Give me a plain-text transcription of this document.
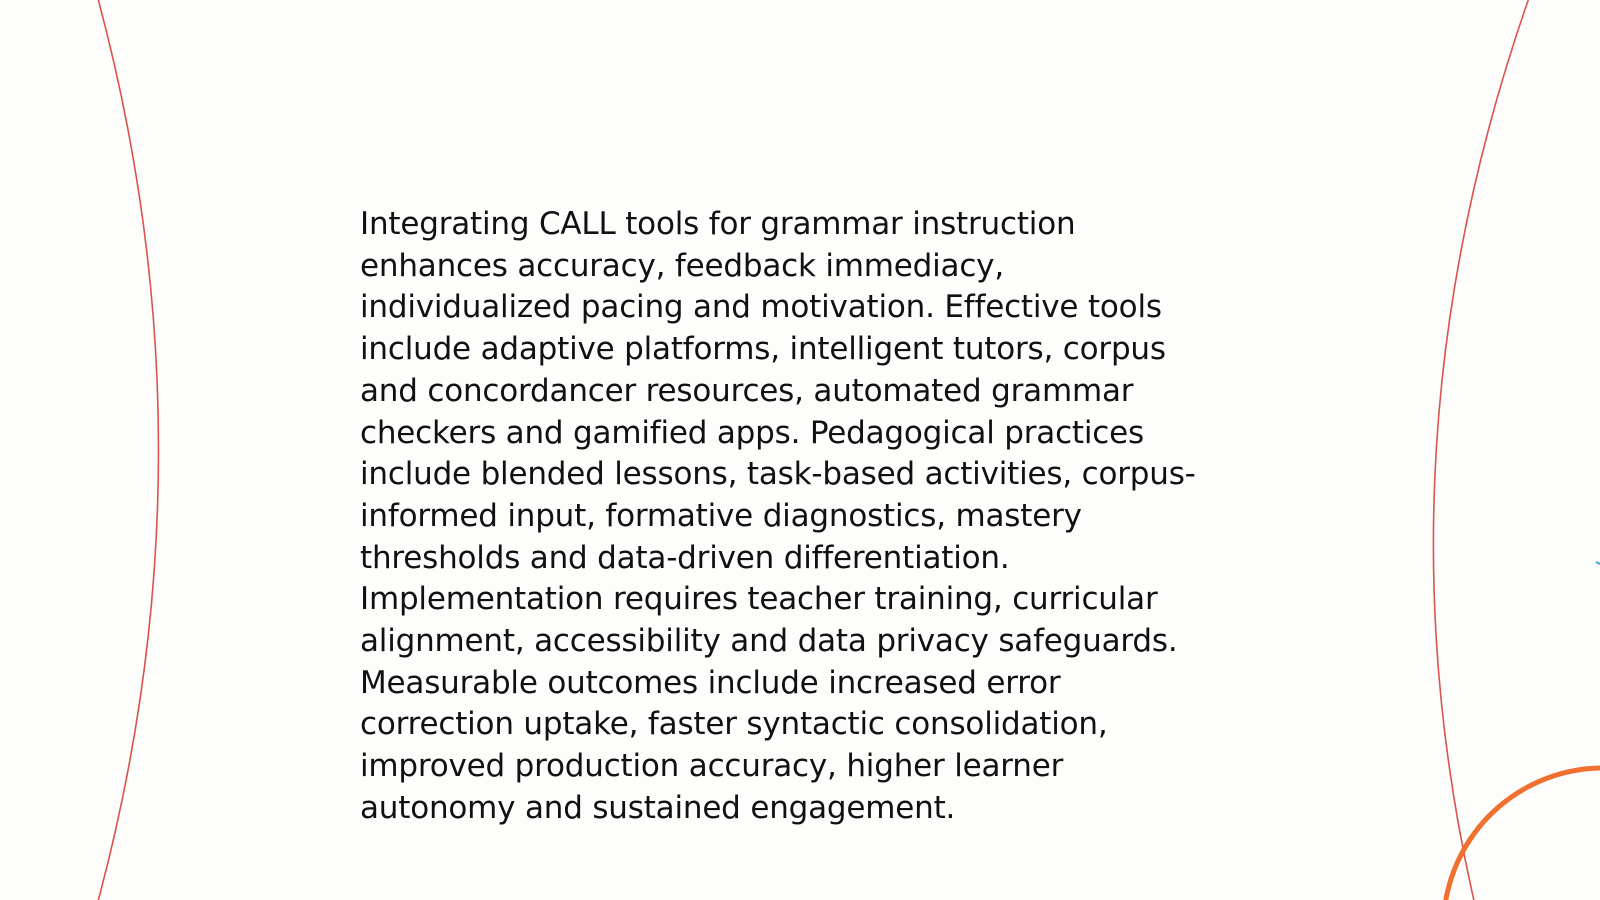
Integrating CALL tools for grammar instruction
enhances accuracy, feedback immediacy,
individualized pacing and motivation. Effective tools
include adaptive platforms, intelligent tutors, corpus
and concordancer resources, automated grammar
checkers and gamified apps. Pedagogical practices
include blended lessons, task-based activities, corpus-
informed input, formative diagnostics, mastery
thresholds and data-driven differentiation.
Implementation requires teacher training, curricular
alignment, accessibility and data privacy safeguards.
Measurable outcomes include increased error
correction uptake, faster syntactic consolidation,
improved production accuracy, higher learner
autonomy and sustained engagement.
